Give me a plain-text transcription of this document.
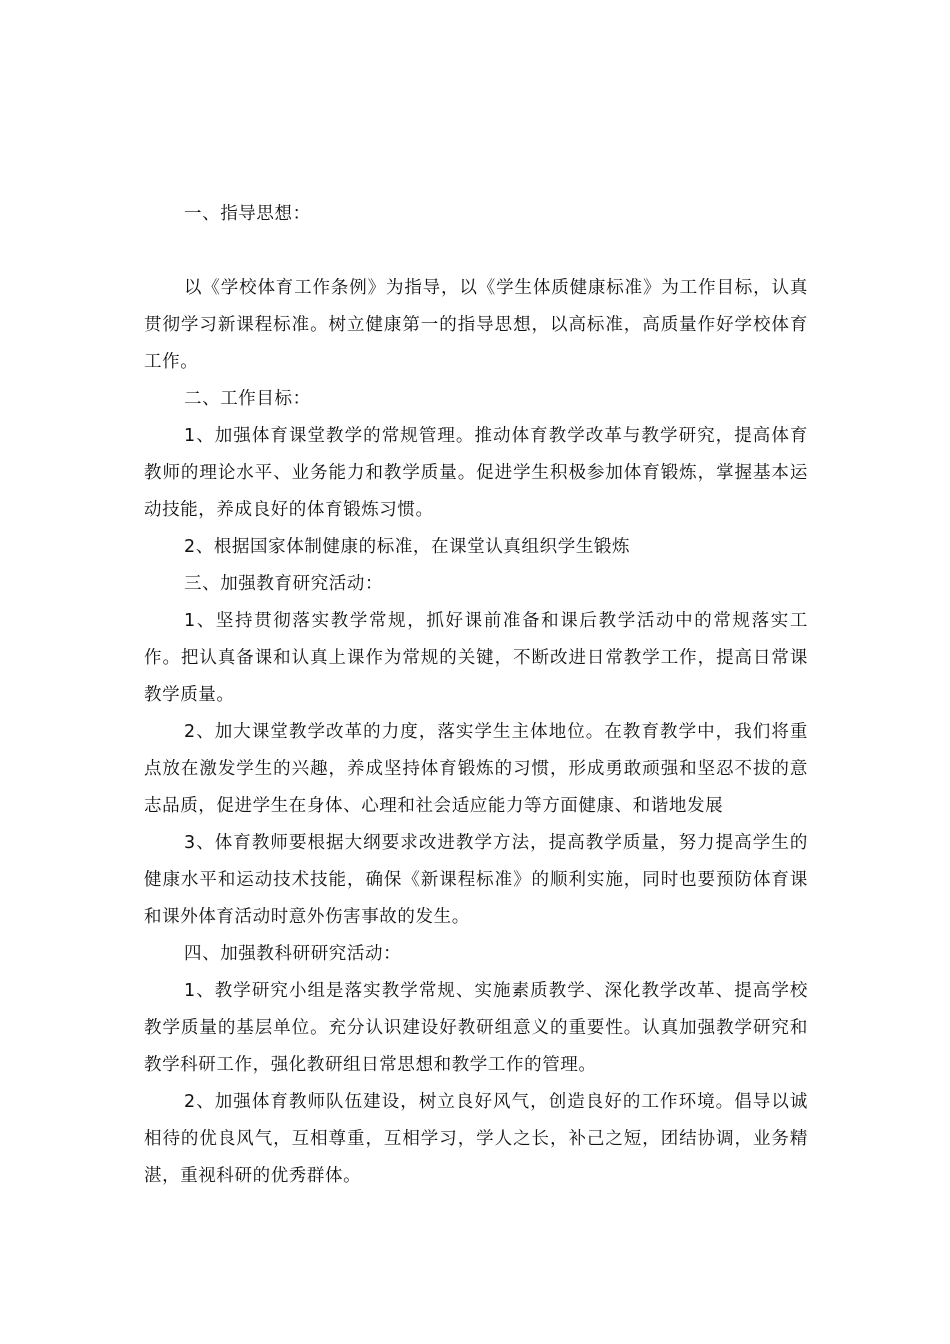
一、指导思想：

以《学校体育工作条例》为指导，以《学生体质健康标准》为工作目标，认真贯彻学习新课程标准。树立健康第一的指导思想，以高标准，高质量作好学校体育工作。

二、工作目标：

1、加强体育课堂教学的常规管理。推动体育教学改革与教学研究，提高体育教师的理论水平、业务能力和教学质量。促进学生积极参加体育锻炼，掌握基本运动技能，养成良好的体育锻炼习惯。

2、根据国家体制健康的标准，在课堂认真组织学生锻炼

三、加强教育研究活动：

1、坚持贯彻落实教学常规，抓好课前准备和课后教学活动中的常规落实工作。把认真备课和认真上课作为常规的关键，不断改进日常教学工作，提高日常课教学质量。

2、加大课堂教学改革的力度，落实学生主体地位。在教育教学中，我们将重点放在激发学生的兴趣，养成坚持体育锻炼的习惯，形成勇敢顽强和坚忍不拔的意志品质，促进学生在身体、心理和社会适应能力等方面健康、和谐地发展

3、体育教师要根据大纲要求改进教学方法，提高教学质量，努力提高学生的健康水平和运动技术技能，确保《新课程标准》的顺利实施，同时也要预防体育课和课外体育活动时意外伤害事故的发生。

四、加强教科研研究活动：

1、教学研究小组是落实教学常规、实施素质教学、深化教学改革、提高学校教学质量的基层单位。充分认识建设好教研组意义的重要性。认真加强教学研究和教学科研工作，强化教研组日常思想和教学工作的管理。

2、加强体育教师队伍建设，树立良好风气，创造良好的工作环境。倡导以诚相待的优良风气，互相尊重，互相学习，学人之长，补己之短，团结协调，业务精湛，重视科研的优秀群体。
